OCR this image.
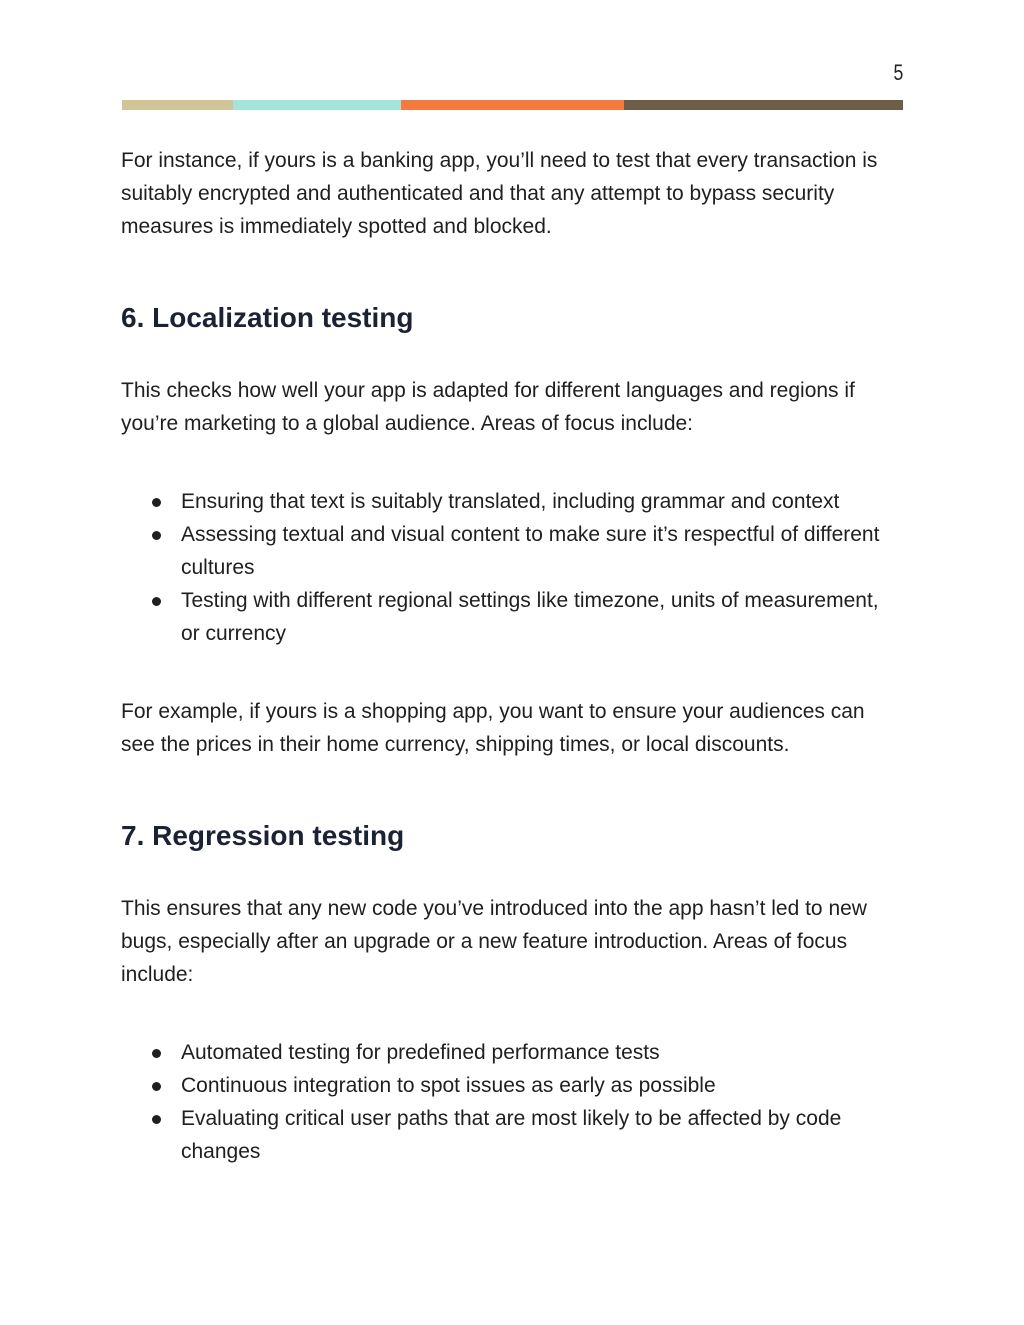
5

For instance, if yours is a banking app, you’ll need to test that every transaction is suitably encrypted and authenticated and that any attempt to bypass security measures is immediately spotted and blocked.

6. Localization testing

This checks how well your app is adapted for different languages and regions if you’re marketing to a global audience. Areas of focus include:

Ensuring that text is suitably translated, including grammar and context
Assessing textual and visual content to make sure it’s respectful of different cultures
Testing with different regional settings like timezone, units of measurement, or currency

For example, if yours is a shopping app, you want to ensure your audiences can see the prices in their home currency, shipping times, or local discounts.

7. Regression testing

This ensures that any new code you’ve introduced into the app hasn’t led to new bugs, especially after an upgrade or a new feature introduction. Areas of focus include:

Automated testing for predefined performance tests
Continuous integration to spot issues as early as possible
Evaluating critical user paths that are most likely to be affected by code changes
